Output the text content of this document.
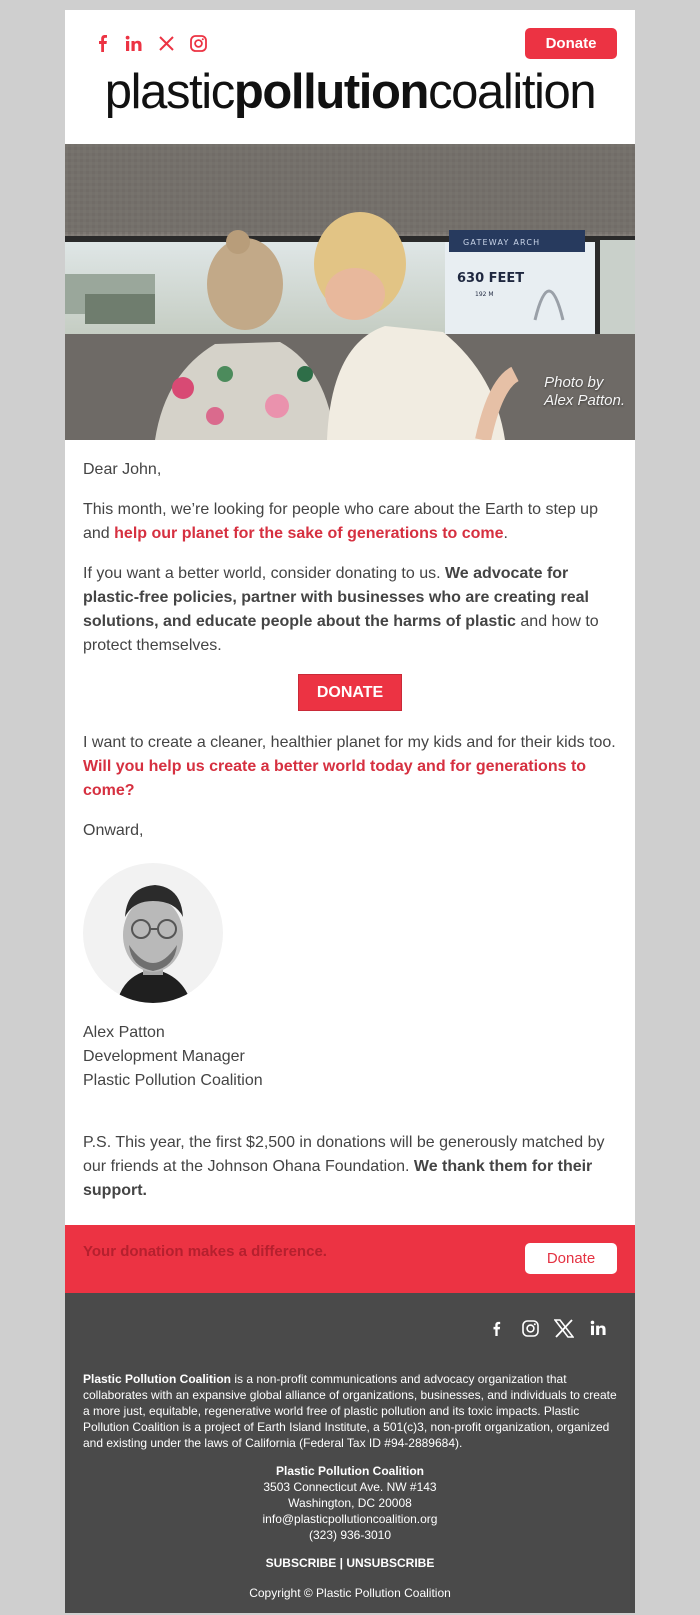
Donate
plasticpollutioncoalition
GATEWAY ARCH
630 FEET
192 M
Photo by
Alex Patton.

Dear John,

This month, we’re looking for people who care about the Earth to step up and help our planet for the sake of generations to come.

If you want a better world, consider donating to us. We advocate for plastic-free policies, partner with businesses who are creating real solutions, and educate people about the harms of plastic and how to protect themselves.

DONATE

I want to create a cleaner, healthier planet for my kids and for their kids too. Will you help us create a better world today and for generations to come?

Onward,

Alex Patton
Development Manager
Plastic Pollution Coalition

P.S. This year, the first $2,500 in donations will be generously matched by our friends at the Johnson Ohana Foundation. We thank them for their support.

Your donation makes a difference.	Donate

Plastic Pollution Coalition is a non-profit communications and advocacy organization that collaborates with an expansive global alliance of organizations, businesses, and individuals to create a more just, equitable, regenerative world free of plastic pollution and its toxic impacts. Plastic Pollution Coalition is a project of Earth Island Institute, a 501(c)3, non-profit organization, organized and existing under the laws of California (Federal Tax ID #94-2889684).

Plastic Pollution Coalition
3503 Connecticut Ave. NW #143
Washington, DC 20008
info@plasticpollutioncoalition.org
(323) 936-3010
SUBSCRIBE | UNSUBSCRIBE
Copyright © Plastic Pollution Coalition
